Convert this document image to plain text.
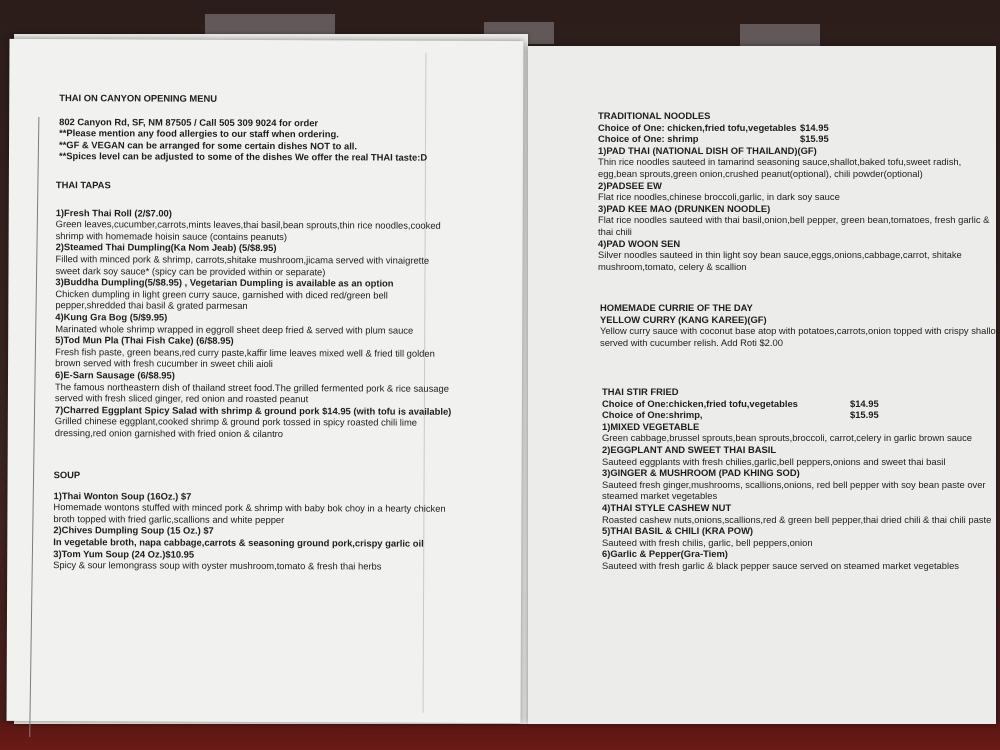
THAI ON CANYON OPENING MENU
802 Canyon Rd, SF, NM 87505 / Call 505 309 9024 for order
**Please mention any food allergies to our staff when ordering.
**GF & VEGAN can be arranged for some certain dishes NOT to all.
**Spices level can be adjusted to some of the dishes We offer the real THAI taste:D
THAI TAPAS
1)Fresh Thai Roll (2/$7.00)
Green leaves,cucumber,carrots,mints leaves,thai basil,bean sprouts,thin rice noodles,cooked
shrimp with homemade hoisin sauce (contains peanuts)
2)Steamed Thai Dumpling(Ka Nom Jeab) (5/$8.95)
Filled with minced pork & shrimp, carrots,shitake mushroom,jicama served with vinaigrette
sweet dark soy sauce* (spicy can be provided within or separate)
3)Buddha Dumpling(5/$8.95) , Vegetarian Dumpling is available as an option
Chicken dumpling in light green curry sauce, garnished with diced red/green bell
pepper,shredded thai basil & grated parmesan
4)Kung Gra Bog (5/$9.95)
Marinated whole shrimp wrapped in eggroll sheet deep fried & served with plum sauce
5)Tod Mun Pla (Thai Fish Cake) (6/$8.95)
Fresh fish paste, green beans,red curry paste,kaffir lime leaves mixed well & fried till golden
brown served with fresh cucumber in sweet chili aioli
6)E-Sarn Sausage (6/$8.95)
The famous northeastern dish of thailand street food.The grilled fermented pork & rice sausage
served with fresh sliced ginger, red onion and roasted peanut
7)Charred Eggplant Spicy Salad with shrimp & ground pork $14.95 (with tofu is available)
Grilled chinese eggplant,cooked shrimp & ground pork tossed in spicy roasted chili lime
dressing,red onion garnished with fried onion & cilantro
SOUP
1)Thai Wonton Soup (16Oz.) $7
Homemade wontons stuffed with minced pork & shrimp with baby bok choy in a hearty chicken
broth topped with fried garlic,scallions and white pepper
2)Chives Dumpling Soup (15 Oz.) $7
In vegetable broth, napa cabbage,carrots & seasoning ground pork,crispy garlic oil
3)Tom Yum Soup (24 Oz.)$10.95
Spicy & sour lemongrass soup with oyster mushroom,tomato & fresh thai herbs
TRADITIONAL NOODLES
Choice of One: chicken,fried tofu,vegetables $14.95
Choice of One: shrimp	$15.95
1)PAD THAI (NATIONAL DISH OF THAILAND)(GF)
Thin rice noodles sauteed in tamarind seasoning sauce,shallot,baked tofu,sweet radish,
egg,bean sprouts,green onion,crushed peanut(optional), chili powder(optional)
2)PADSEE EW
Flat rice noodles,chinese broccoli,garlic, in dark soy sauce
3)PAD KEE MAO (DRUNKEN NOODLE)
Flat rice noodles sauteed with thai basil,onion,bell pepper, green bean,tomatoes, fresh garlic &
thai chili
4)PAD WOON SEN
Silver noodles sauteed in thin light soy bean sauce,eggs,onions,cabbage,carrot, shitake
mushroom,tomato, celery & scallion
HOMEMADE CURRIE OF THE DAY
YELLOW CURRY (KANG KAREE)(GF)
Yellow curry sauce with coconut base atop with potatoes,carrots,onion topped with crispy shallot
served with cucumber relish. Add Roti $2.00
THAI STIR FRIED
Choice of One:chicken,fried tofu,vegetables	$14.95
Choice of One:shrimp,	$15.95
1)MIXED VEGETABLE
Green cabbage,brussel sprouts,bean sprouts,broccoli, carrot,celery in garlic brown sauce
2)EGGPLANT AND SWEET THAI BASIL
Sauteed eggplants with fresh chilies,garlic,bell peppers,onions and sweet thai basil
3)GINGER & MUSHROOM (PAD KHING SOD)
Sauteed fresh ginger,mushrooms, scallions,onions, red bell pepper with soy bean paste over
steamed market vegetables
4)THAI STYLE CASHEW NUT
Roasted cashew nuts,onions,scallions,red & green bell pepper,thai dried chili & thai chili paste
5)THAI BASIL & CHILI (KRA POW)
Sauteed with fresh chilis, garlic, bell peppers,onion
6)Garlic & Pepper(Gra-Tiem)
Sauteed with fresh garlic & black pepper sauce served on steamed market vegetables
